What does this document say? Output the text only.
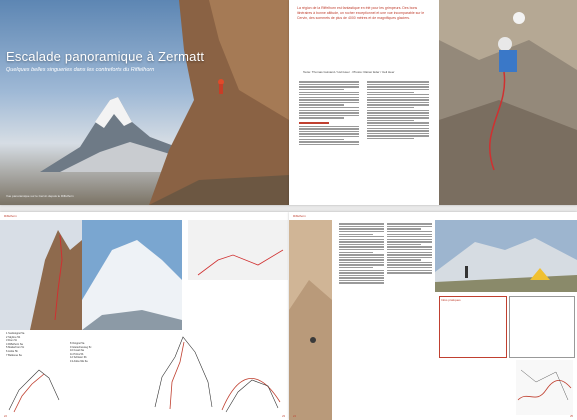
Escalade panoramique à Zermatt
Quelques belles singueries dans les contreforts du Riffelhorn
Vue panoramique sur le Cervin depuis le Riffelhorn
La région de la Riffelhorn est fantastique en été pour les grimpeurs. Des bons itinéraires à bonne altitude, un rocher exceptionnel et une vue incomparable sur le Cervin, des sommets de plus de 4000 mètres et de magnifiques glaciers.
Texte: Thomas Guinand / Ueli Heer · Photos: Rainer Eder / Ueli Heer
Riffelhorn
1 Sudostgrat 5a
2 Skyline 5b
3 Dom 5c
4 Riffelhorn 6a
5 Matterhorn 5c
6 Arête 5b
7 Bellevue 6a
8 Ostgrat 5a
9 Gletscherweg 5c
10 Fussli 6a
11 Pizza 5b
12 Schleier 6b
13 Arête NE 6a
22	23
Riffelhorn
Infos pratiques
24	25
